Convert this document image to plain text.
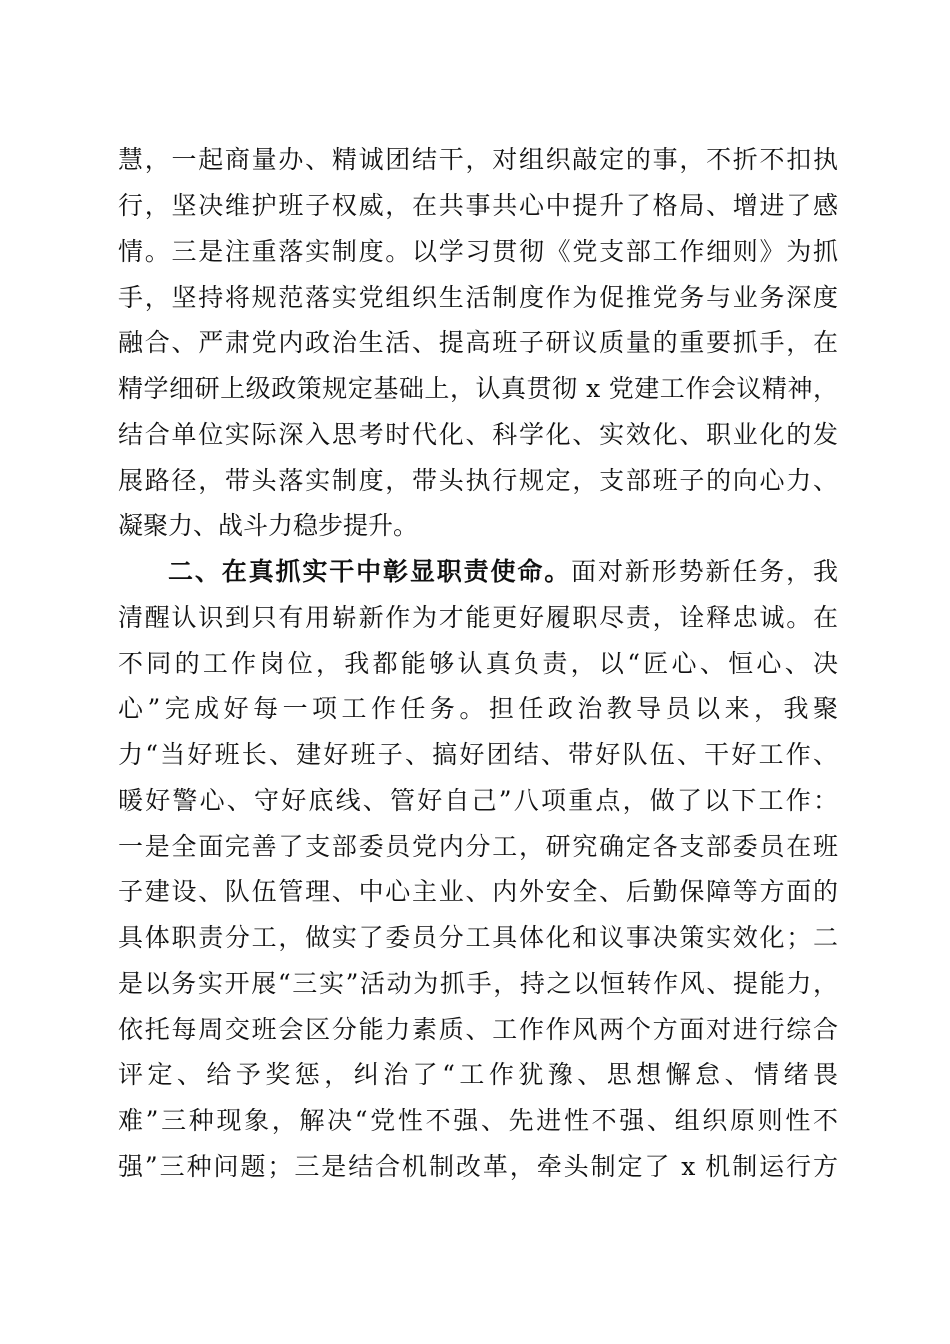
慧，一起商量办、精诚团结干，对组织敲定的事，不折不扣执
行，坚决维护班子权威，在共事共心中提升了格局、增进了感
情。三是注重落实制度。以学习贯彻《党支部工作细则》为抓
手，坚持将规范落实党组织生活制度作为促推党务与业务深度
融合、严肃党内政治生活、提高班子研议质量的重要抓手，在
精学细研上级政策规定基础上，认真贯彻 x 党建工作会议精神，
结合单位实际深入思考时代化、科学化、实效化、职业化的发
展路径，带头落实制度，带头执行规定，支部班子的向心力、
凝聚力、战斗力稳步提升。
二、在真抓实干中彰显职责使命。面对新形势新任务，我
清醒认识到只有用崭新作为才能更好履职尽责，诠释忠诚。在
不同的工作岗位，我都能够认真负责，以“匠心、恒心、决
心”完成好每一项工作任务。担任政治教导员以来，我聚
力“当好班长、建好班子、搞好团结、带好队伍、干好工作、
暖好警心、守好底线、管好自己”八项重点，做了以下工作：
一是全面完善了支部委员党内分工，研究确定各支部委员在班
子建设、队伍管理、中心主业、内外安全、后勤保障等方面的
具体职责分工，做实了委员分工具体化和议事决策实效化；二
是以务实开展“三实”活动为抓手，持之以恒转作风、提能力，
依托每周交班会区分能力素质、工作作风两个方面对进行综合
评定、给予奖惩，纠治了“工作犹豫、思想懈怠、情绪畏
难”三种现象，解决“党性不强、先进性不强、组织原则性不
强”三种问题；三是结合机制改革，牵头制定了 x 机制运行方
